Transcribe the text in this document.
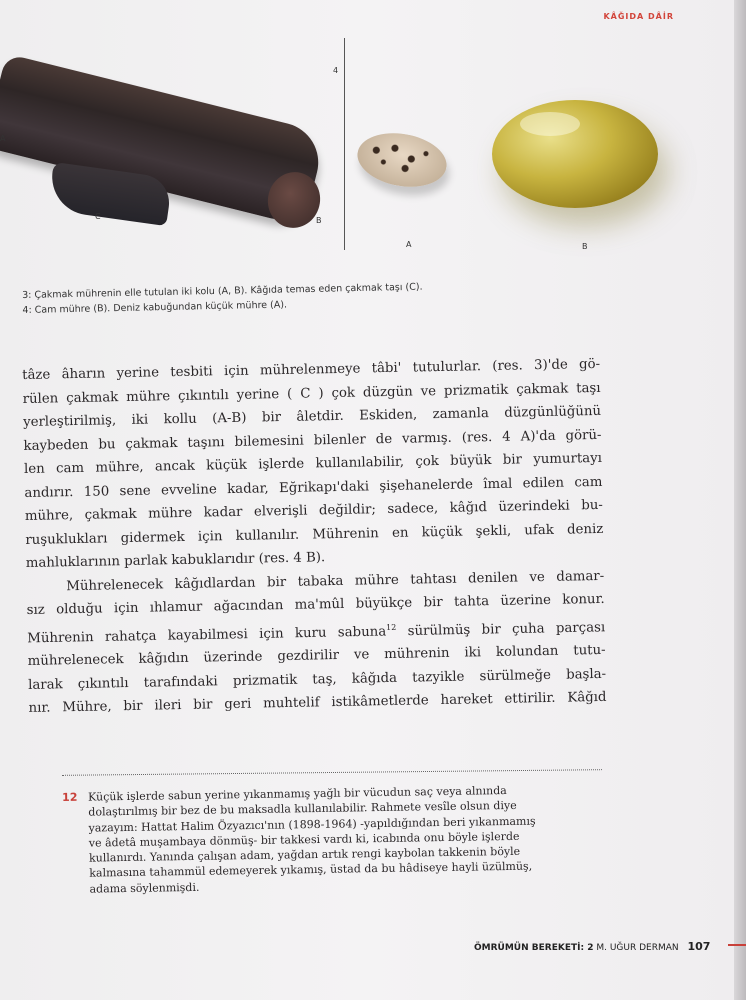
KÂĞIDA DÂİR
A
C	B
4
A	B
3: Çakmak mührenin elle tutulan iki kolu (A, B). Kâğıda temas eden çakmak taşı (C).
4: Cam mühre (B). Deniz kabuğundan küçük mühre (A).
tâze âharın yerine tesbiti için mührelenmeye tâbi' tutulurlar. (res. 3)'de gö-
rülen çakmak mühre çıkıntılı yerine ( C ) çok düzgün ve prizmatik çakmak taşı
yerleştirilmiş, iki kollu (A-B) bir âletdir. Eskiden, zamanla düzgünlüğünü
kaybeden bu çakmak taşını bilemesini bilenler de varmış. (res. 4 A)'da görü-
len cam mühre, ancak küçük işlerde kullanılabilir, çok büyük bir yumurtayı
andırır. 150 sene evveline kadar, Eğrikapı'daki şişehanelerde îmal edilen cam
mühre, çakmak mühre kadar elverişli değildir; sadece, kâğıd üzerindeki bu-
ruşuklukları gidermek için kullanılır. Mührenin en küçük şekli, ufak deniz
mahluklarının parlak kabuklarıdır (res. 4 B).
Mührelenecek kâğıdlardan bir tabaka mühre tahtası denilen ve damar-
sız olduğu için ıhlamur ağacından ma'mûl büyükçe bir tahta üzerine konur.
Mührenin rahatça kayabilmesi için kuru sabuna$^{12}$ sürülmüş bir çuha parçası
mührelenecek kâğıdın üzerinde gezdirilir ve mührenin iki kolundan tutu-
larak çıkıntılı tarafındaki prizmatik taş, kâğıda tazyikle sürülmeğe başla-
nır. Mühre, bir ileri bir geri muhtelif istikâmetlerde hareket ettirilir. Kâğıd
12 Küçük işlerde sabun yerine yıkanmamış yağlı bir vücudun saç veya alnında
dolaştırılmış bir bez de bu maksadla kullanılabilir. Rahmete vesîle olsun diye
yazayım: Hattat Halim Özyazıcı'nın (1898-1964) -yapıldığından beri yıkanmamış
ve âdetâ muşambaya dönmüş- bir takkesi vardı ki, icabında onu böyle işlerde
kullanırdı. Yanında çalışan adam, yağdan artık rengi kaybolan takkenin böyle
kalmasına tahammül edemeyerek yıkamış, üstad da bu hâdiseye hayli üzülmüş,
adama söylenmişdi.
ÖMRÜMÜN BEREKETİ: 2 M. UĞUR DERMAN 107
